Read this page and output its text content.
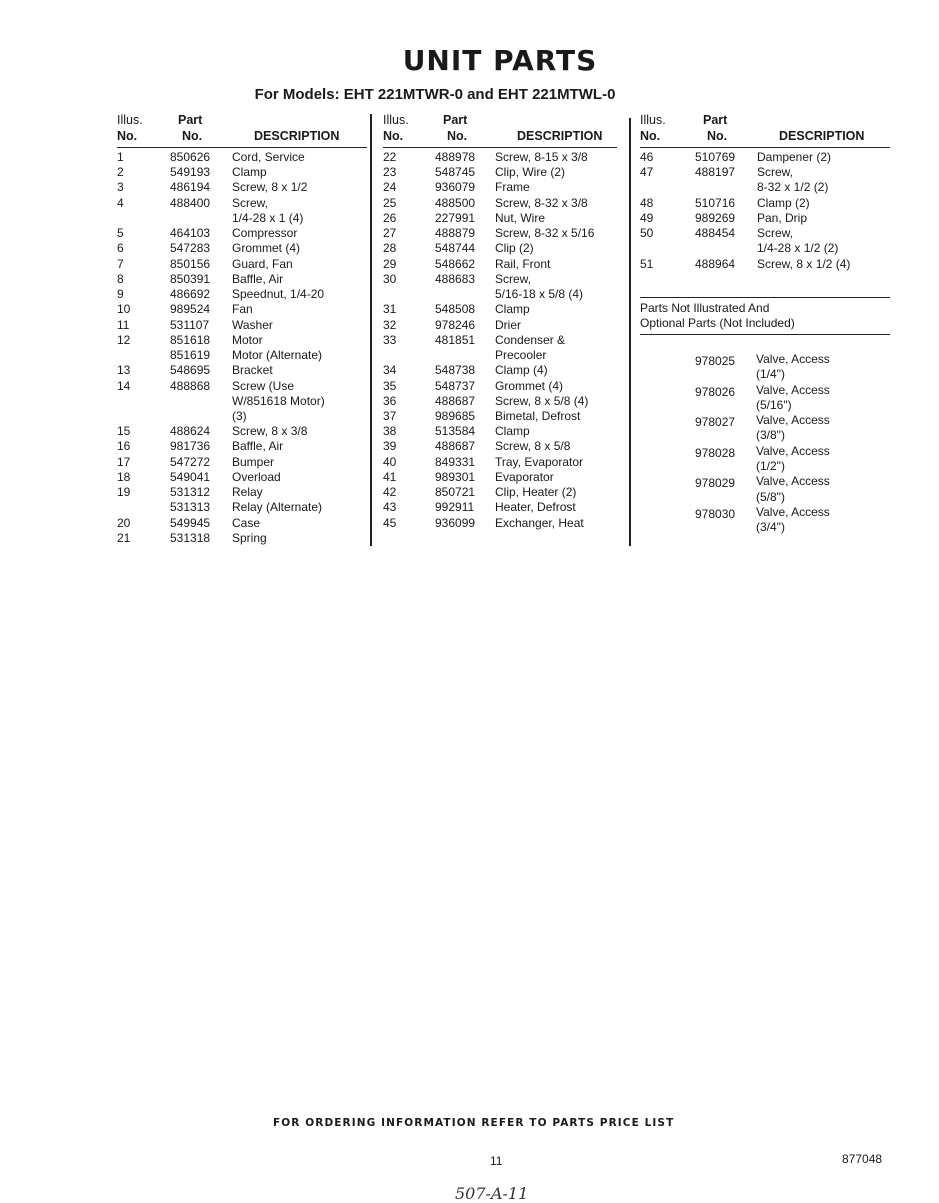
UNIT PARTS
For Models: EHT 221MTWR-0 and EHT 221MTWL-0
Illus.
No.
Part
No.	DESCRIPTION
1	850626	Cord, Service
2	549193	Clamp
3	486194	Screw, 8 x 1/2
4	488400	Screw,
1/4-28 x 1 (4)
5	464103	Compressor
6	547283	Grommet (4)
7	850156	Guard, Fan
8	850391	Baffle, Air
9	486692	Speednut, 1/4-20
10	989524	Fan
11	531107	Washer
12	851618	Motor
851619	Motor (Alternate)
13	548695	Bracket
14	488868	Screw (Use
W/851618 Motor)
(3)
15	488624	Screw, 8 x 3/8
16	981736	Baffle, Air
17	547272	Bumper
18	549041	Overload
19	531312	Relay
531313	Relay (Alternate)
20	549945	Case
21	531318	Spring
Illus.
No.
Part
No.	DESCRIPTION
22	488978	Screw, 8-15 x 3/8
23	548745	Clip, Wire (2)
24	936079	Frame
25	488500	Screw, 8-32 x 3/8
26	227991	Nut, Wire
27	488879	Screw, 8-32 x 5/16
28	548744	Clip (2)
29	548662	Rail, Front
30	488683	Screw,
5/16-18 x 5/8 (4)
31	548508	Clamp
32	978246	Drier
33	481851	Condenser &
Precooler
34	548738	Clamp (4)
35	548737	Grommet (4)
36	488687	Screw, 8 x 5/8 (4)
37	989685	Bimetal, Defrost
38	513584	Clamp
39	488687	Screw, 8 x 5/8
40	849331	Tray, Evaporator
41	989301	Evaporator
42	850721	Clip, Heater (2)
43	992911	Heater, Defrost
45	936099	Exchanger, Heat
Illus.
No.
Part
No.	DESCRIPTION
46	510769	Dampener (2)
47	488197	Screw,
8-32 x 1/2 (2)
48	510716	Clamp (2)
49	989269	Pan, Drip
50	488454	Screw,
1/4-28 x 1/2 (2)
51	488964	Screw, 8 x 1/2 (4)
Parts Not Illustrated And
Optional Parts (Not Included)
978025 Valve, Access
(1/4")
978026 Valve, Access
(5/16")
978027 Valve, Access
(3/8")
978028 Valve, Access
(1/2")
978029 Valve, Access
(5/8")
978030 Valve, Access
(3/4")
FOR ORDERING INFORMATION REFER TO PARTS PRICE LIST
11	877048
507-A-11
